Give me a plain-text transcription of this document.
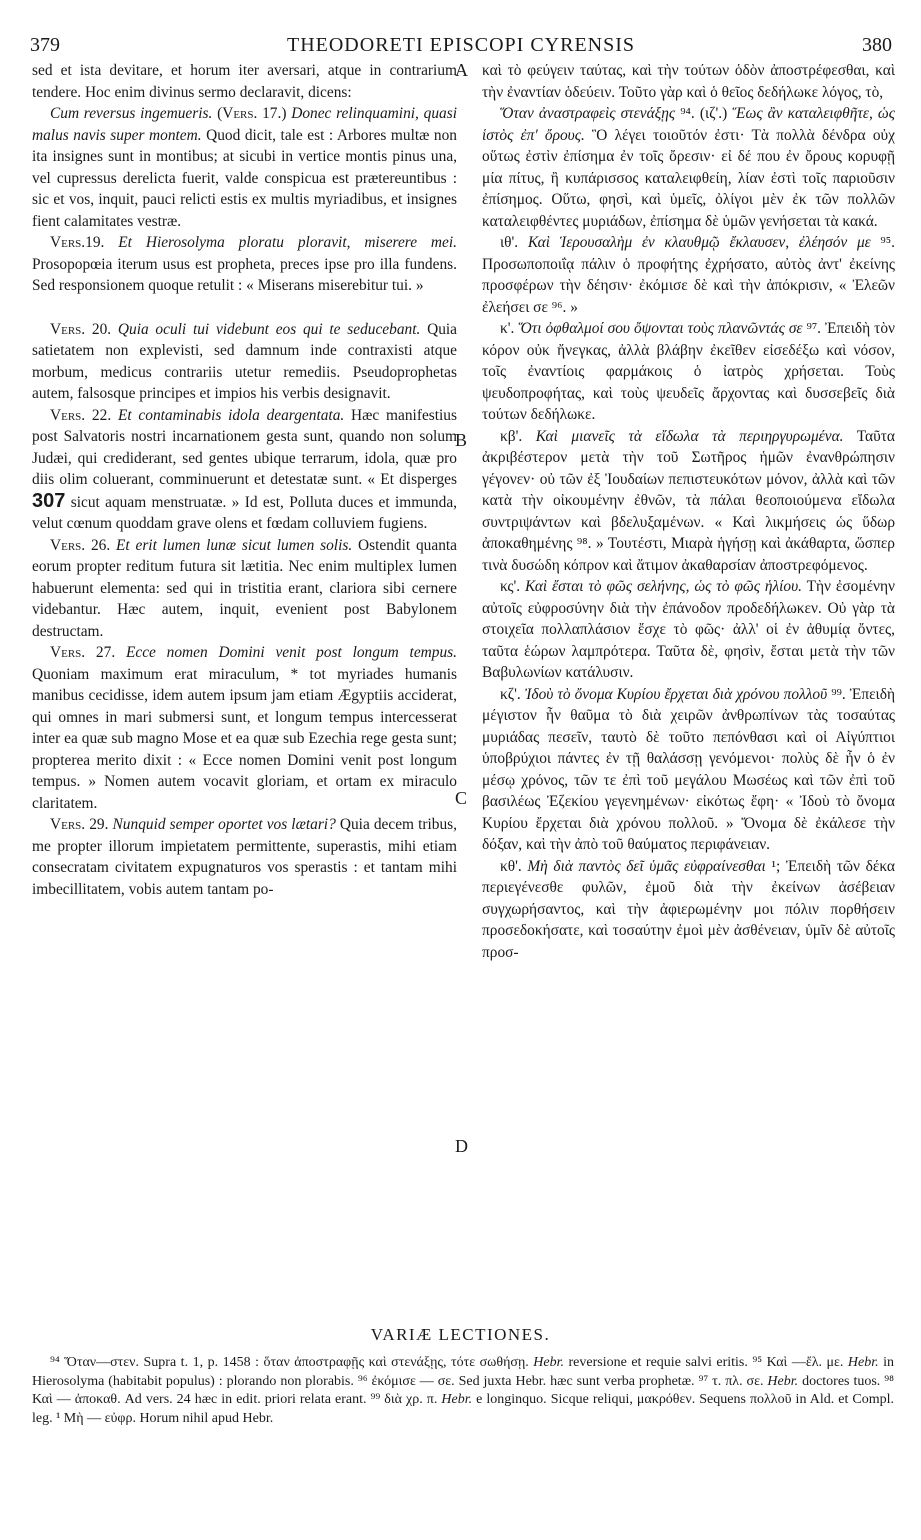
379	THEODORETI EPISCOPI CYRENSIS	380
A
B
C
D

sed et ista devitare, et horum iter aversari, atque in contrarium tendere. Hoc enim divinus sermo declaravit, dicens:

Cum reversus ingemueris. (Vers. 17.) Donec relinquamini, quasi malus navis super montem. Quod dicit, tale est : Arbores multæ non ita insignes sunt in montibus; at sicubi in vertice montis pinus una, vel cupressus derelicta fuerit, valde conspicua est prætereuntibus : sic et vos, inquit, pauci relicti estis ex multis myriadibus, et insignes fient calamitates vestræ.

Vers.19. Et Hierosolyma ploratu ploravit, miserere mei. Prosopopœia iterum usus est propheta, preces ipse pro illa fundens. Sed responsionem quoque retulit : « Miserans miserebitur tui. »

Vers. 20. Quia oculi tui videbunt eos qui te seducebant. Quia satietatem non explevisti, sed damnum inde contraxisti atque morbum, medicus contrariis utetur remediis. Pseudoprophetas autem, falsosque principes et impios his verbis designavit.

Vers. 22. Et contaminabis idola deargentata. Hæc manifestius post Salvatoris nostri incarnationem gesta sunt, quando non solum Judæi, qui crediderant, sed gentes ubique terrarum, idola, quæ pro diis olim coluerant, comminuerunt et detestatæ sunt. « Et disperges 307 sicut aquam menstruatæ. » Id est, Polluta duces et immunda, velut cœnum quoddam grave olens et fœdam colluviem fugiens.

Vers. 26. Et erit lumen lunæ sicut lumen solis. Ostendit quanta eorum propter reditum futura sit lætitia. Nec enim multiplex lumen habuerunt elementa: sed qui in tristitia erant, clariora sibi cernere videbantur. Hæc autem, inquit, evenient post Babylonem destructam.

Vers. 27. Ecce nomen Domini venit post longum tempus. Quoniam maximum erat miraculum, * tot myriades humanis manibus cecidisse, idem autem ipsum jam etiam Ægyptiis acciderat, qui omnes in mari submersi sunt, et longum tempus intercesserat inter ea quæ sub magno Mose et ea quæ sub Ezechia rege gesta sunt; propterea merito dixit : « Ecce nomen Domini venit post longum tempus. » Nomen autem vocavit gloriam, et ortam ex miraculo claritatem.

Vers. 29. Nunquid semper oportet vos lætari? Quia decem tribus, me propter illorum impietatem permittente, superastis, mihi etiam consecratam civitatem expugnaturos vos sperastis : et tantam mihi imbecillitatem, vobis autem tantam po-

καὶ τὸ φεύγειν ταύτας, καὶ τὴν τούτων ὁδὸν ἀποστρέφεσθαι, καὶ τὴν ἐναντίαν ὁδεύειν. Τοῦτο γὰρ καὶ ὁ θεῖος δεδήλωκε λόγος, τὸ,

Ὅταν ἀναστραφεὶς στενάξῃς ⁹⁴. (ιζ'.) Ἕως ἂν καταλειφθῆτε, ὡς ἱστὸς ἐπ' ὄρους. Ὃ λέγει τοιοῦτόν ἐστι· Τὰ πολλὰ δένδρα οὐχ οὕτως ἐστὶν ἐπίσημα ἐν τοῖς ὄρεσιν· εἰ δέ που ἐν ὄρους κορυφῇ μία πίτυς, ἢ κυπάρισσος καταλειφθείη, λίαν ἐστὶ τοῖς παριοῦσιν ἐπίσημος. Οὕτω, φησὶ, καὶ ὑμεῖς, ὀλίγοι μὲν ἐκ τῶν πολλῶν καταλειφθέντες μυριάδων, ἐπίσημα δὲ ὑμῶν γενήσεται τὰ κακά.

ιθ'. Καὶ Ἱερουσαλὴμ ἐν κλαυθμῷ ἔκλαυσεν, ἐλέησόν με ⁹⁵. Προσωποποιΐᾳ πάλιν ὁ προφήτης ἐχρήσατο, αὐτὸς ἀντ' ἐκείνης προσφέρων τὴν δέησιν· ἐκόμισε δὲ καὶ τὴν ἀπόκρισιν, « Ἐλεῶν ἐλεήσει σε ⁹⁶. »

κ'. Ὅτι ὀφθαλμοί σου ὄψονται τοὺς πλανῶντάς σε ⁹⁷. Ἐπειδὴ τὸν κόρον οὐκ ἤνεγκας, ἀλλὰ βλάβην ἐκεῖθεν εἰσεδέξω καὶ νόσον, τοῖς ἐναντίοις φαρμάκοις ὁ ἰατρὸς χρήσεται. Τοὺς ψευδοπροφήτας, καὶ τοὺς ψευδεῖς ἄρχοντας καὶ δυσσεβεῖς διὰ τούτων δεδήλωκε.

κβ'. Καὶ μιανεῖς τὰ εἴδωλα τὰ περιηργυρωμένα. Ταῦτα ἀκριβέστερον μετὰ τὴν τοῦ Σωτῆρος ἡμῶν ἐνανθρώπησιν γέγονεν· οὐ τῶν ἐξ Ἰουδαίων πεπιστευκότων μόνον, ἀλλὰ καὶ τῶν κατὰ τὴν οἰκουμένην ἐθνῶν, τὰ πάλαι θεοποιούμενα εἴδωλα συντριψάντων καὶ βδελυξαμένων. « Καὶ λικμήσεις ὡς ὕδωρ ἀποκαθημένης ⁹⁸. » Τουτέστι, Μιαρὰ ἡγήσῃ καὶ ἀκάθαρτα, ὥσπερ τινὰ δυσώδη κόπρον καὶ ἄτιμον ἀκαθαρσίαν ἀποστρεφόμενος.

κς'. Καὶ ἔσται τὸ φῶς σελήνης, ὡς τὸ φῶς ἡλίου. Τὴν ἐσομένην αὐτοῖς εὐφροσύνην διὰ τὴν ἐπάνοδον προδεδήλωκεν. Οὐ γὰρ τὰ στοιχεῖα πολλαπλάσιον ἔσχε τὸ φῶς· ἀλλ' οἱ ἐν ἀθυμίᾳ ὄντες, ταῦτα ἑώρων λαμπρότερα. Ταῦτα δὲ, φησὶν, ἔσται μετὰ τὴν τῶν Βαβυλωνίων κατάλυσιν.

κζ'. Ἰδοὺ τὸ ὄνομα Κυρίου ἔρχεται διὰ χρόνου πολλοῦ ⁹⁹. Ἐπειδὴ μέγιστον ἦν θαῦμα τὸ διὰ χειρῶν ἀνθρωπίνων τὰς τοσαύτας μυριάδας πεσεῖν, ταυτὸ δὲ τοῦτο πεπόνθασι καὶ οἱ Αἰγύπτιοι ὑποβρύχιοι πάντες ἐν τῇ θαλάσσῃ γενόμενοι· πολὺς δὲ ἦν ὁ ἐν μέσῳ χρόνος, τῶν τε ἐπὶ τοῦ μεγάλου Μωσέως καὶ τῶν ἐπὶ τοῦ βασιλέως Ἐζεκίου γεγενημένων· εἰκότως ἔφη· « Ἰδοὺ τὸ ὄνομα Κυρίου ἔρχεται διὰ χρόνου πολλοῦ. » Ὄνομα δὲ ἐκάλεσε τὴν δόξαν, καὶ τὴν ἀπὸ τοῦ θαύματος περιφάνειαν.

κθ'. Μὴ διὰ παντὸς δεῖ ὑμᾶς εὐφραίνεσθαι ¹; Ἐπειδὴ τῶν δέκα περιεγένεσθε φυλῶν, ἐμοῦ διὰ τὴν ἐκείνων ἀσέβειαν συγχωρήσαντος, καὶ τὴν ἀφιερωμένην μοι πόλιν πορθήσειν προσεδοκήσατε, καὶ τοσαύτην ἐμοὶ μὲν ἀσθένειαν, ὑμῖν δὲ αὐτοῖς προσ-

VARIÆ LECTIONES.

⁹⁴ Ὅταν—στεν. Supra t. 1, p. 1458 : ὅταν ἀποστραφῇς καὶ στενάξῃς, τότε σωθήσῃ. Hebr. reversione et requie salvi eritis. ⁹⁵ Καὶ —ἔλ. με. Hebr. in Hierosolyma (habitabit populus) : plorando non plorabis. ⁹⁶ ἐκόμισε — σε. Sed juxta Hebr. hæc sunt verba prophetæ. ⁹⁷ τ. πλ. σε. Hebr. doctores tuos. ⁹⁸ Καὶ — ἀποκαθ. Ad vers. 24 hæc in edit. priori relata erant. ⁹⁹ διὰ χρ. π. Hebr. e longinquo. Sicque reliqui, μακρόθεν. Sequens πολλοῦ in Ald. et Compl. leg. ¹ Μὴ — εὐφρ. Horum nihil apud Hebr.
